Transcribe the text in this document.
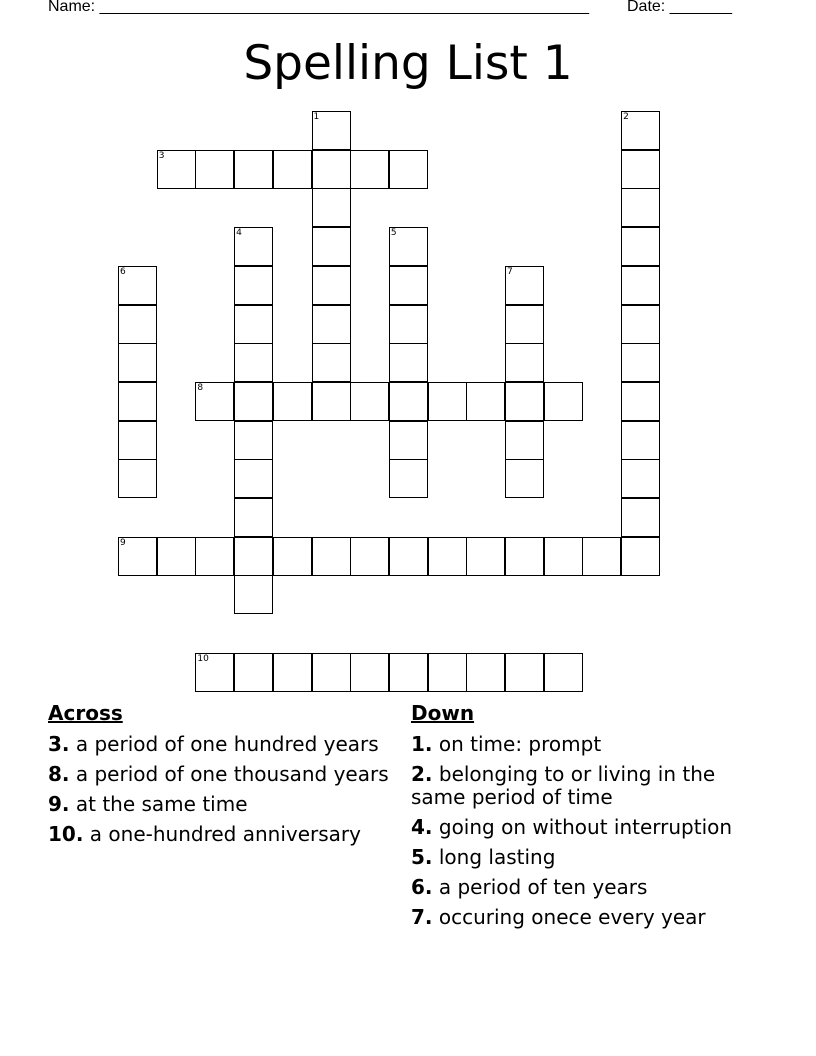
Name: _______________________________________________________ Date: _______
Spelling List 1
1	2
3
4	5
6	7
8
9
10
Across
3. a period of one hundred years
8. a period of one thousand years
9. at the same time
10. a one-hundred anniversary
Down
1. on time: prompt
2. belonging to or living in the same period of time
4. going on without interruption
5. long lasting
6. a period of ten years
7. occuring onece every year
